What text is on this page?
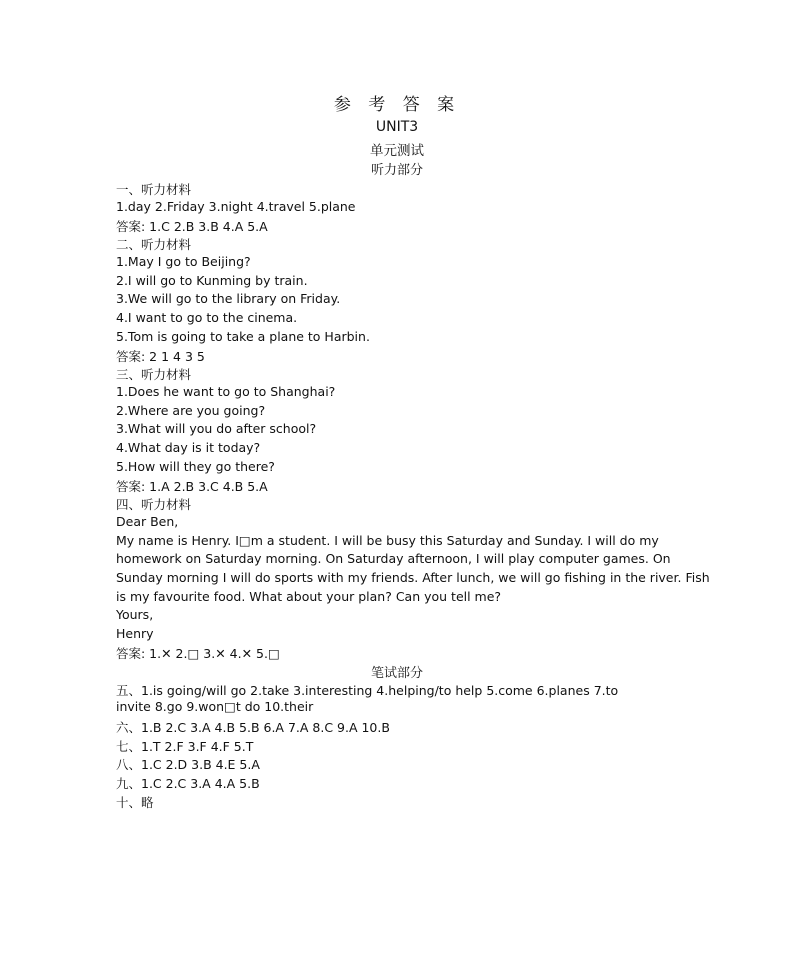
参 考 答 案
UNIT3
单元测试
听力部分
一、听力材料
1.day 2.Friday 3.night 4.travel 5.plane
答案: 1.C 2.B 3.B 4.A 5.A
二、听力材料
1.May I go to Beijing?
2.I will go to Kunming by train.
3.We will go to the library on Friday.
4.I want to go to the cinema.
5.Tom is going to take a plane to Harbin.
答案: 2 1 4 3 5
三、听力材料
1.Does he want to go to Shanghai?
2.Where are you going?
3.What will you do after school?
4.What day is it today?
5.How will they go there?
答案: 1.A 2.B 3.C 4.B 5.A
四、听力材料
Dear Ben,
My name is Henry. I□m a student. I will be busy this Saturday and Sunday. I will do my
homework on Saturday morning. On Saturday afternoon, I will play computer games. On
Sunday morning I will do sports with my friends. After lunch, we will go fishing in the river. Fish
is my favourite food. What about your plan? Can you tell me?
Yours,
Henry
答案: 1.✕ 2.□ 3.✕ 4.✕ 5.□
笔试部分
五、1.is going/will go 2.take 3.interesting 4.helping/to help 5.come 6.planes 7.to
invite 8.go 9.won□t do 10.their
六、1.B 2.C 3.A 4.B 5.B 6.A 7.A 8.C 9.A 10.B
七、1.T 2.F 3.F 4.F 5.T
八、1.C 2.D 3.B 4.E 5.A
九、1.C 2.C 3.A 4.A 5.B
十、略
